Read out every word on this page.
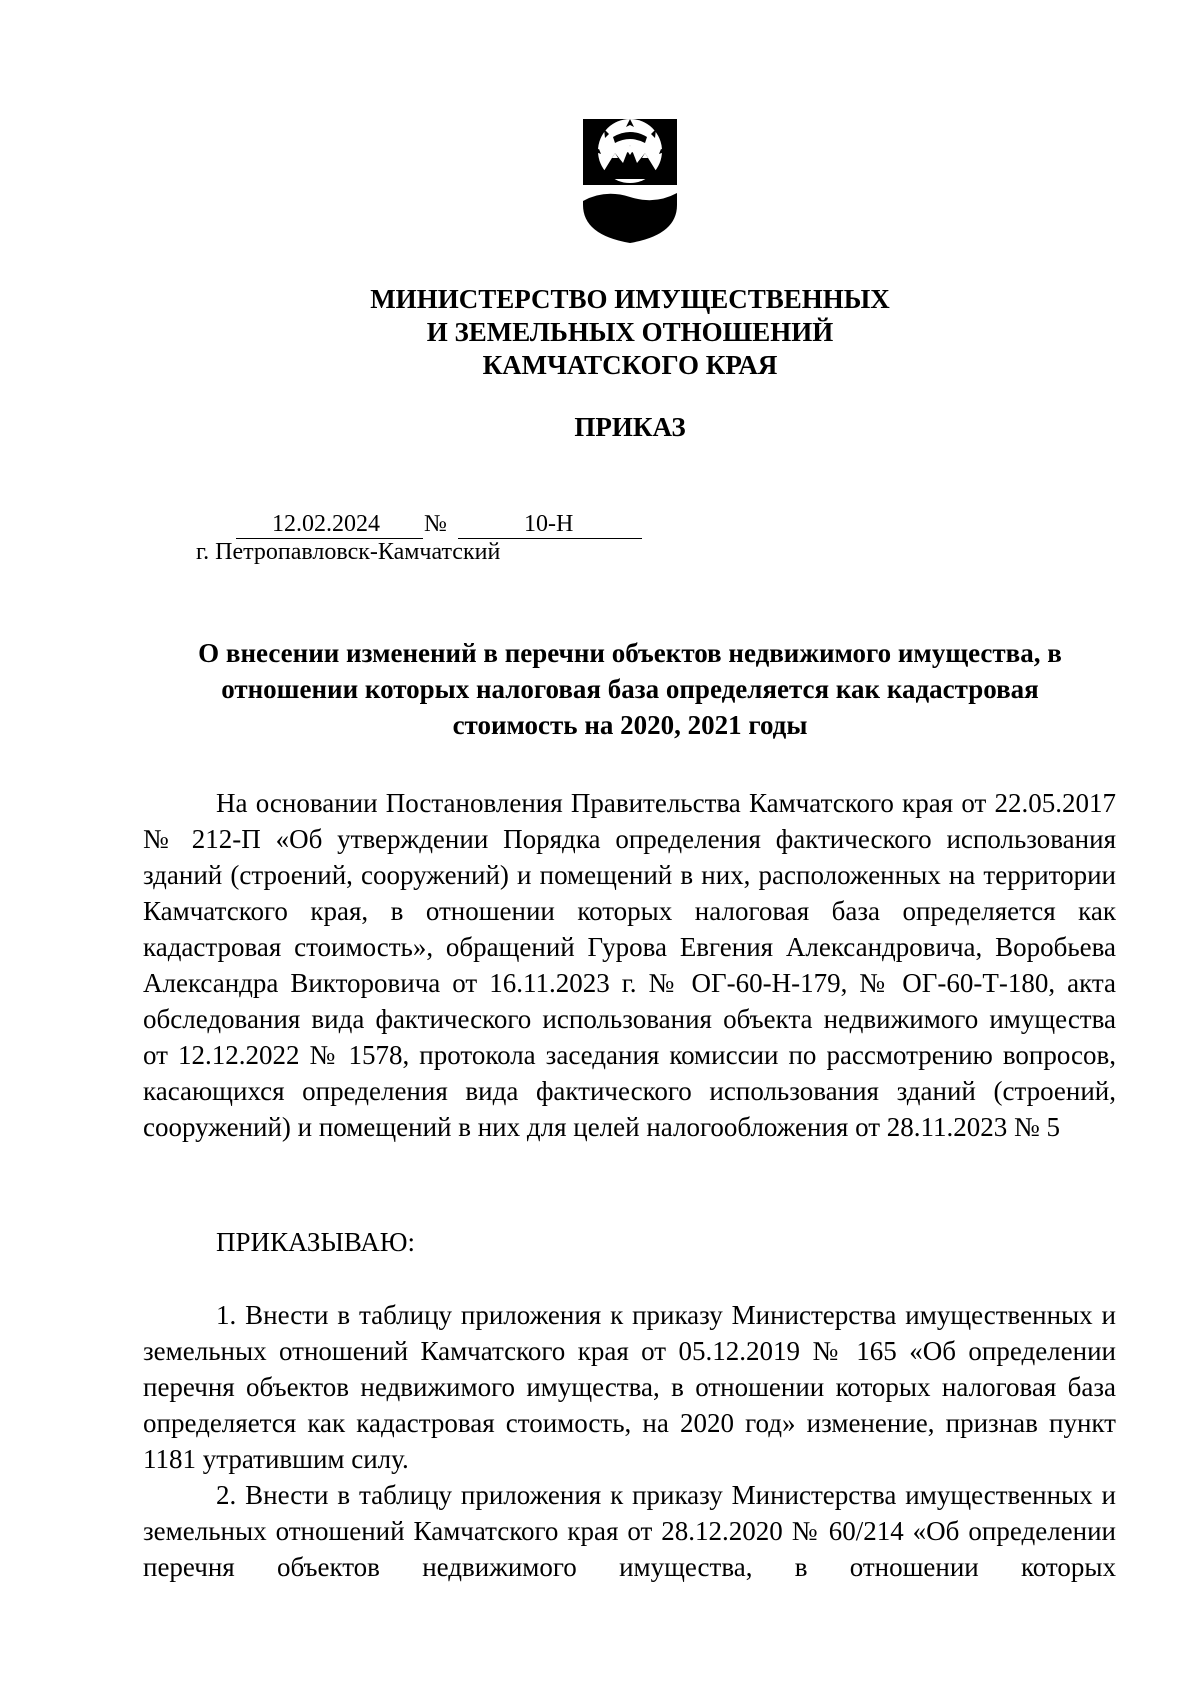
МИНИСТЕРСТВО ИМУЩЕСТВЕННЫХ
И ЗЕМЕЛЬНЫХ ОТНОШЕНИЙ
КАМЧАТСКОГО КРАЯ
ПРИКАЗ
12.02.2024 №	10-Н
г. Петропавловск-Камчатский
О внесении изменений в перечни объектов недвижимого имущества, в
отношении которых налоговая база определяется как кадастровая
стоимость на 2020, 2021 годы

На основании Постановления Правительства Камчатского края от 22.05.2017 № 212-П «Об утверждении Порядка определения фактического использования зданий (строений, сооружений) и помещений в них, расположенных на территории Камчатского края, в отношении которых налоговая база определяется как кадастровая стоимость», обращений Гурова Евгения Александровича, Воробьева Александра Викторовича от 16.11.2023 г. № ОГ-60-Н-179, № ОГ-60-Т-180, акта обследования вида фактического использования объекта недвижимого имущества от 12.12.2022 № 1578, протокола заседания комиссии по рассмотрению вопросов, касающихся определения вида фактического использования зданий (строений, сооружений) и помещений в них для целей налогообложения от 28.11.2023 № 5

ПРИКАЗЫВАЮ:

1. Внести в таблицу приложения к приказу Министерства имущественных и земельных отношений Камчатского края от 05.12.2019 № 165 «Об определении перечня объектов недвижимого имущества, в отношении которых налоговая база определяется как кадастровая стоимость, на 2020 год» изменение, признав пункт 1181 утратившим силу.

2. Внести в таблицу приложения к приказу Министерства имущественных и земельных отношений Камчатского края от 28.12.2020 № 60/214 «Об определении перечня объектов недвижимого имущества, в отношении которых
